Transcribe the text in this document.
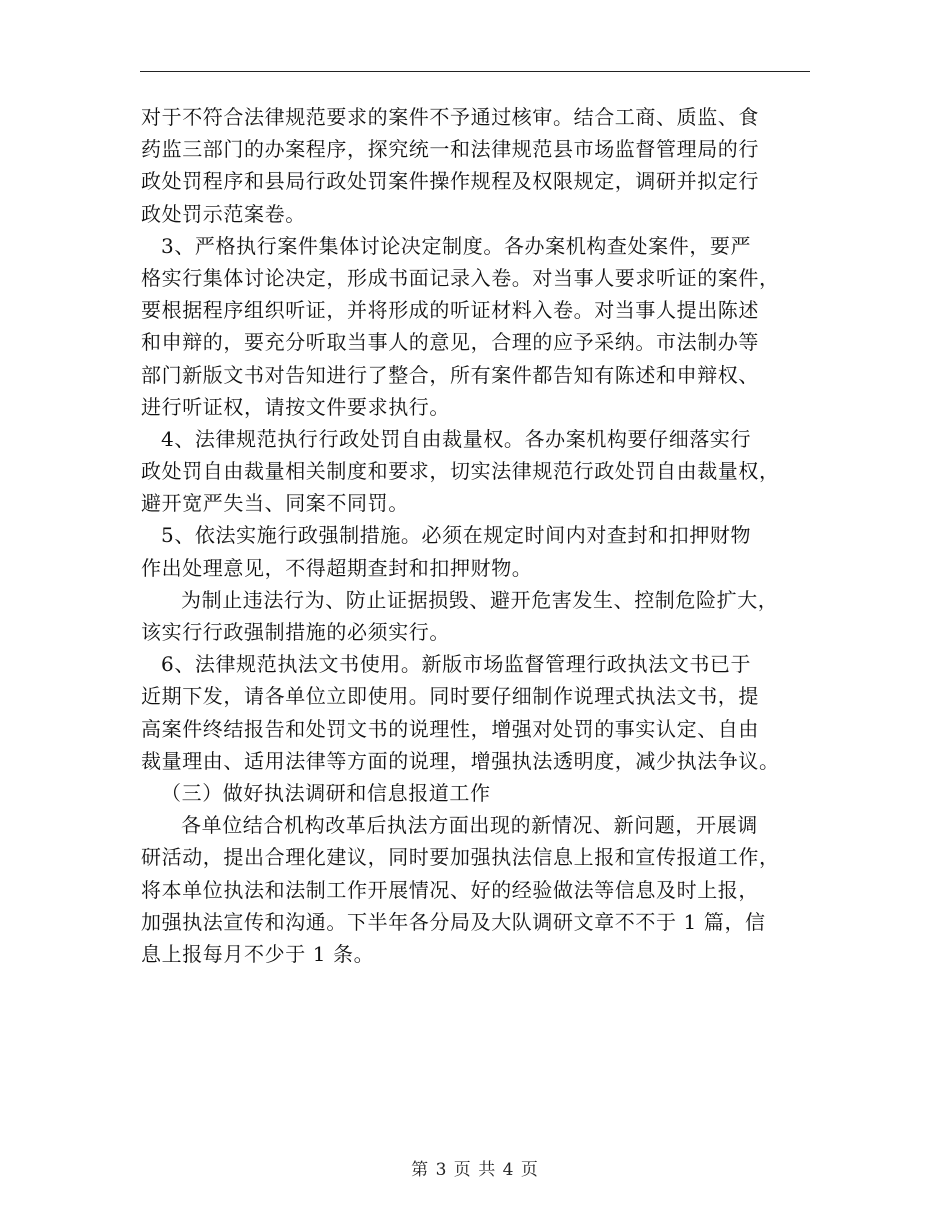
对于不符合法律规范要求的案件不予通过核审。结合工商、质监、食
药监三部门的办案程序，探究统一和法律规范县市场监督管理局的行
政处罚程序和县局行政处罚案件操作规程及权限规定，调研并拟定行
政处罚示范案卷。
3、严格执行案件集体讨论决定制度。各办案机构查处案件，要严
格实行集体讨论决定，形成书面记录入卷。对当事人要求听证的案件，
要根据程序组织听证，并将形成的听证材料入卷。对当事人提出陈述
和申辩的，要充分听取当事人的意见，合理的应予采纳。市法制办等
部门新版文书对告知进行了整合，所有案件都告知有陈述和申辩权、
进行听证权，请按文件要求执行。
4、法律规范执行行政处罚自由裁量权。各办案机构要仔细落实行
政处罚自由裁量相关制度和要求，切实法律规范行政处罚自由裁量权，
避开宽严失当、同案不同罚。
5、依法实施行政强制措施。必须在规定时间内对查封和扣押财物
作出处理意见，不得超期查封和扣押财物。
为制止违法行为、防止证据损毁、避开危害发生、控制危险扩大，
该实行行政强制措施的必须实行。
6、法律规范执法文书使用。新版市场监督管理行政执法文书已于
近期下发，请各单位立即使用。同时要仔细制作说理式执法文书，提
高案件终结报告和处罚文书的说理性，增强对处罚的事实认定、自由
裁量理由、适用法律等方面的说理，增强执法透明度，减少执法争议。
（三）做好执法调研和信息报道工作
各单位结合机构改革后执法方面出现的新情况、新问题，开展调
研活动，提出合理化建议，同时要加强执法信息上报和宣传报道工作，
将本单位执法和法制工作开展情况、好的经验做法等信息及时上报，
加强执法宣传和沟通。下半年各分局及大队调研文章不不于 1 篇，信
息上报每月不少于 1 条。
第 3 页 共 4 页
